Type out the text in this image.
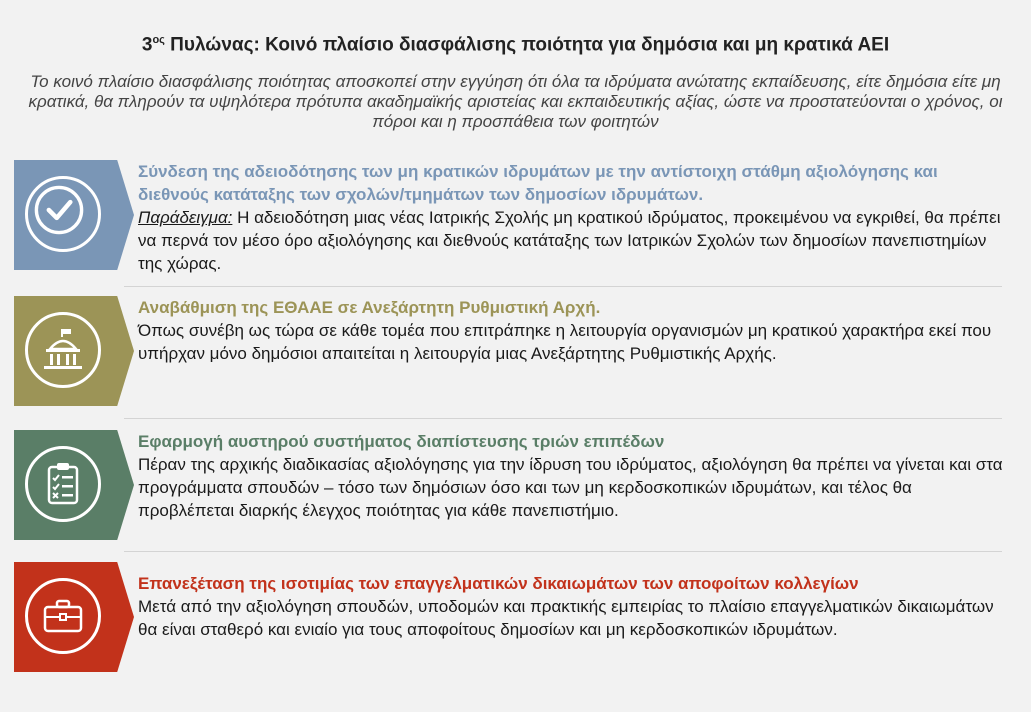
$3^{o\varsigma}$ Πυλώνας: Κοινό πλαίσιο διασφάλισης ποιότητα για δημόσια και μη κρατικά ΑΕΙ
Το κοινό πλαίσιο διασφάλισης ποιότητας αποσκοπεί στην εγγύηση ότι όλα τα ιδρύματα ανώτατης εκπαίδευσης, είτε δημόσια είτε μη κρατικά, θα πληρούν τα υψηλότερα πρότυπα ακαδημαϊκής αριστείας και εκπαιδευτικής αξίας, ώστε να προστατεύονται ο χρόνος, οι πόροι και η προσπάθεια των φοιτητών
Σύνδεση της αδειοδότησης των μη κρατικών ιδρυμάτων με την αντίστοιχη στάθμη αξιολόγησης και διεθνούς κατάταξης των σχολών/τμημάτων των δημοσίων ιδρυμάτων.
Παράδειγμα: Η αδειοδότηση μιας νέας Ιατρικής Σχολής μη κρατικού ιδρύματος, προκειμένου να εγκριθεί, θα πρέπει να περνά τον μέσο όρο αξιολόγησης και διεθνούς κατάταξης των Ιατρικών Σχολών των δημοσίων πανεπιστημίων της χώρας.
Αναβάθμιση της ΕΘΑΑΕ σε Ανεξάρτητη Ρυθμιστική Αρχή.
Όπως συνέβη ως τώρα σε κάθε τομέα που επιτράπηκε η λειτουργία οργανισμών μη κρατικού χαρακτήρα εκεί που υπήρχαν μόνο δημόσιοι απαιτείται η λειτουργία μιας Ανεξάρτητης Ρυθμιστικής Αρχής.
Εφαρμογή αυστηρού συστήματος διαπίστευσης τριών επιπέδων
Πέραν της αρχικής διαδικασίας αξιολόγησης για την ίδρυση του ιδρύματος, αξιολόγηση θα πρέπει να γίνεται και στα προγράμματα σπουδών – τόσο των δημόσιων όσο και των μη κερδοσκοπικών ιδρυμάτων, και τέλος θα προβλέπεται διαρκής έλεγχος ποιότητας για κάθε πανεπιστήμιο.
Επανεξέταση της ισοτιμίας των επαγγελματικών δικαιωμάτων των αποφοίτων κολλεγίων
Μετά από την αξιολόγηση σπουδών, υποδομών και πρακτικής εμπειρίας το πλαίσιο επαγγελματικών δικαιωμάτων θα είναι σταθερό και ενιαίο για τους αποφοίτους δημοσίων και μη κερδοσκοπικών ιδρυμάτων.
